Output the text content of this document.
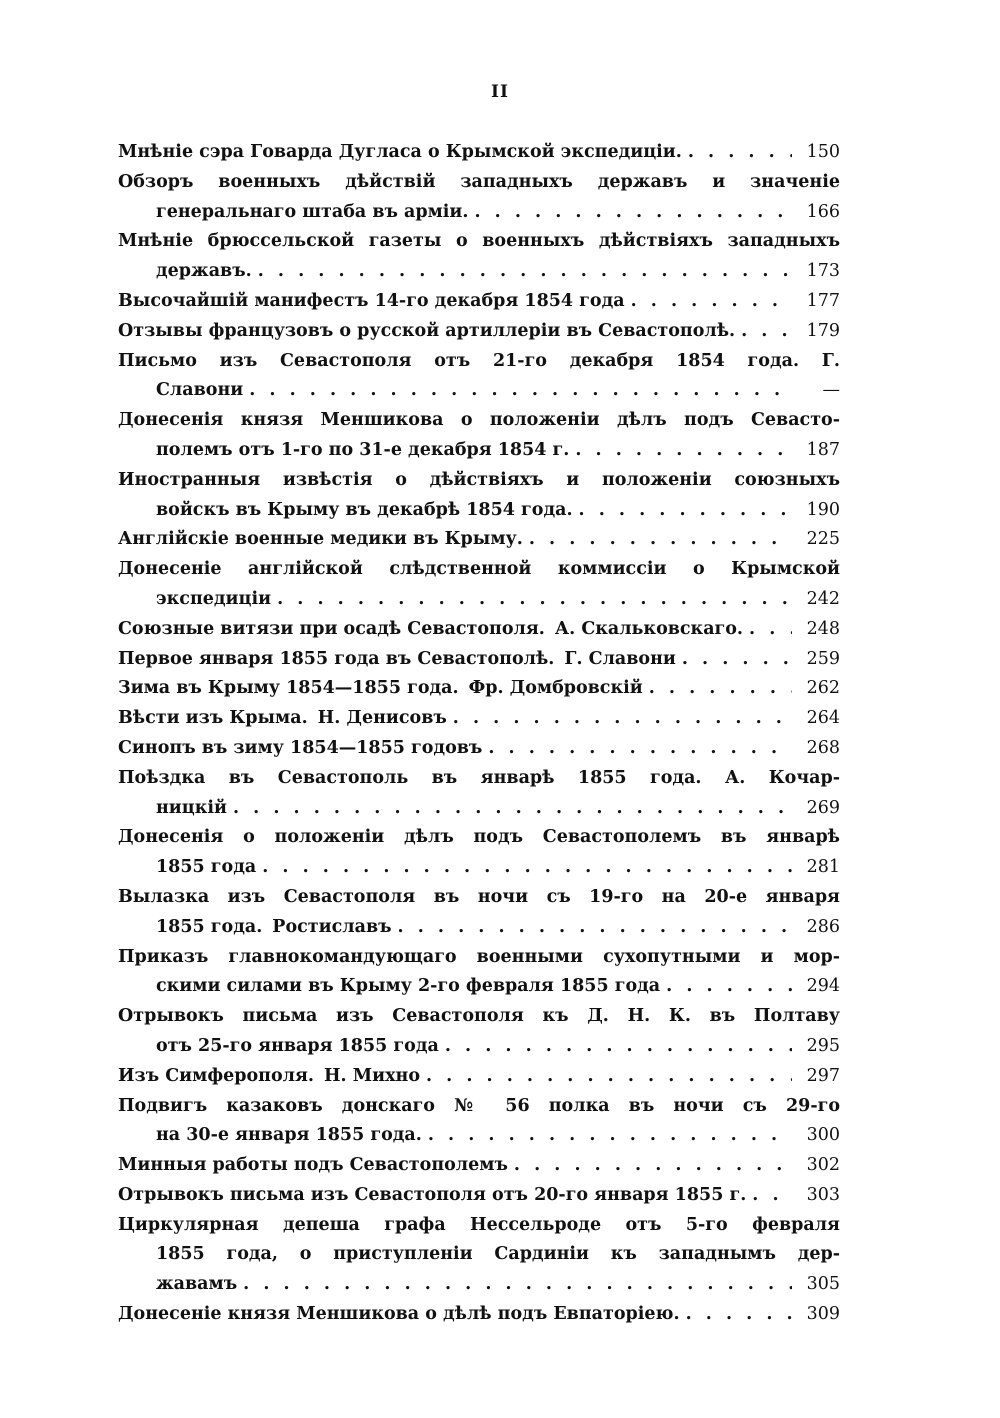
II
Мнѣніе сэра Говарда Дугласа о Крымской экспедиціи. . . .	150
Обзоръ военныхъ дѣйствій западныхъ державъ и значеніе
генеральнаго штаба въ арміи. . . .	166
Мнѣніе брюссельской газеты о военныхъ дѣйствіяхъ западныхъ
державъ. . . .	173
Высочайшій манифестъ 14-го декабря 1854 года . . .	177
Отзывы французовъ о русской артиллеріи въ Севастополѣ. . . .	179
Письмо изъ Севастополя отъ 21-го декабря 1854 года. Г.
Славони . . .	—
Донесенія князя Меншикова о положеніи дѣлъ подъ Севасто-
полемъ отъ 1-го по 31-е декабря 1854 г. . . .	187
Иностранныя извѣстія о дѣйствіяхъ и положеніи союзныхъ
войскъ въ Крыму въ декабрѣ 1854 года. . . .	190
Англійскіе военные медики въ Крыму. . . .	225
Донесеніе англійской слѣдственной коммиссіи о Крымской
экспедиціи . . .	242
Союзные витязи при осадѣ Севастополя. А. Скальковскаго. . . .	248
Первое января 1855 года въ Севастополѣ. Г. Славони . . .	259
Зима въ Крыму 1854—1855 года. Фр. Домбровскій . . .	262
Вѣсти изъ Крыма. Н. Денисовъ . . .	264
Синопъ въ зиму 1854—1855 годовъ . . .	268
Поѣздка въ Севастополь въ январѣ 1855 года. А. Кочар-
ницкій . . .	269
Донесенія о положеніи дѣлъ подъ Севастополемъ въ январѣ
1855 года . . .	281
Вылазка изъ Севастополя въ ночи съ 19-го на 20-е января
1855 года. Ростиславъ . . .	286
Приказъ главнокомандующаго военными сухопутными и мор-
скими силами въ Крыму 2-го февраля 1855 года . . .	294
Отрывокъ письма изъ Севастополя къ Д. Н. К. въ Полтаву
отъ 25-го января 1855 года . . .	295
Изъ Симферополя. Н. Михно . . .	297
Подвигъ казаковъ донскаго № 56 полка въ ночи съ 29-го
на 30-е января 1855 года. . . .	300
Минныя работы подъ Севастополемъ . . .	302
Отрывокъ письма изъ Севастополя отъ 20-го января 1855 г. . . .	303
Циркулярная депеша графа Нессельроде отъ 5-го февраля
1855 года, о приступленіи Сардиніи къ западнымъ дер-
жавамъ . . .	305
Донесеніе князя Меншикова о дѣлѣ подъ Евпаторіею. . . .	309
